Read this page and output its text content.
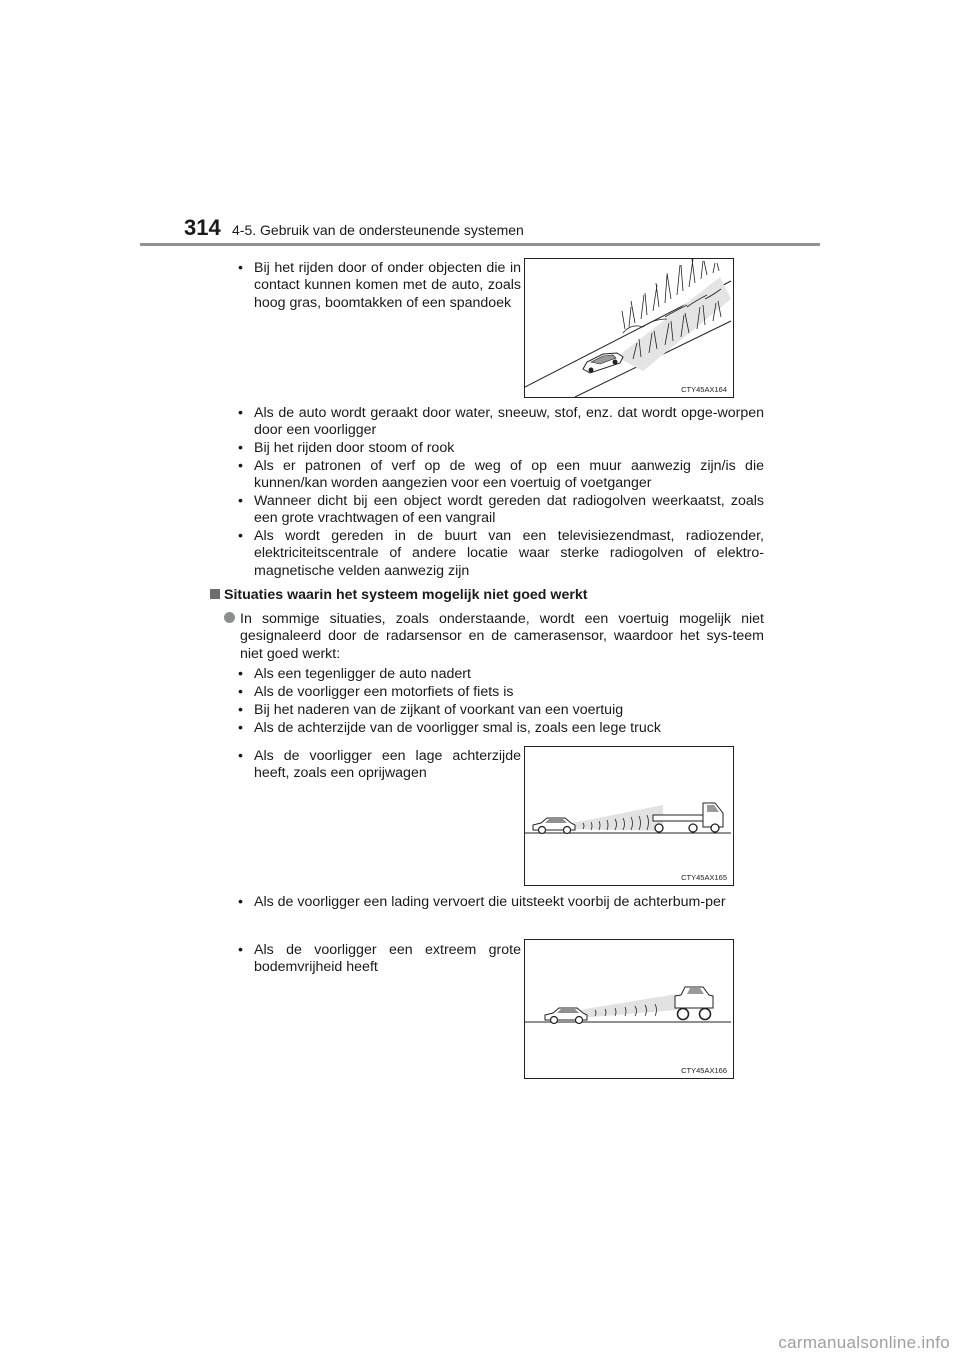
314 4-5. Gebruik van de ondersteunende systemen
• Bij het rijden door of onder objecten die in contact kunnen komen met de auto, zoals hoog gras, boomtakken of een spandoek
CTY45AX164
• Als de auto wordt geraakt door water, sneeuw, stof, enz. dat wordt opge-worpen door een voorligger
• Bij het rijden door stoom of rook
• Als er patronen of verf op de weg of op een muur aanwezig zijn/is die kunnen/kan worden aangezien voor een voertuig of voetganger
• Wanneer dicht bij een object wordt gereden dat radiogolven weerkaatst, zoals een grote vrachtwagen of een vangrail
• Als wordt gereden in de buurt van een televisiezendmast, radiozender, elektriciteitscentrale of andere locatie waar sterke radiogolven of elektro-magnetische velden aanwezig zijn
Situaties waarin het systeem mogelijk niet goed werkt
In sommige situaties, zoals onderstaande, wordt een voertuig mogelijk niet gesignaleerd door de radarsensor en de camerasensor, waardoor het sys-teem niet goed werkt:
• Als een tegenligger de auto nadert
• Als de voorligger een motorfiets of fiets is
• Bij het naderen van de zijkant of voorkant van een voertuig
• Als de achterzijde van de voorligger smal is, zoals een lege truck
• Als de voorligger een lage achterzijde heeft, zoals een oprijwagen
CTY45AX165
• Als de voorligger een lading vervoert die uitsteekt voorbij de achterbum-per
• Als de voorligger een extreem grote bodemvrijheid heeft
CTY45AX166
carmanualsonline.info
